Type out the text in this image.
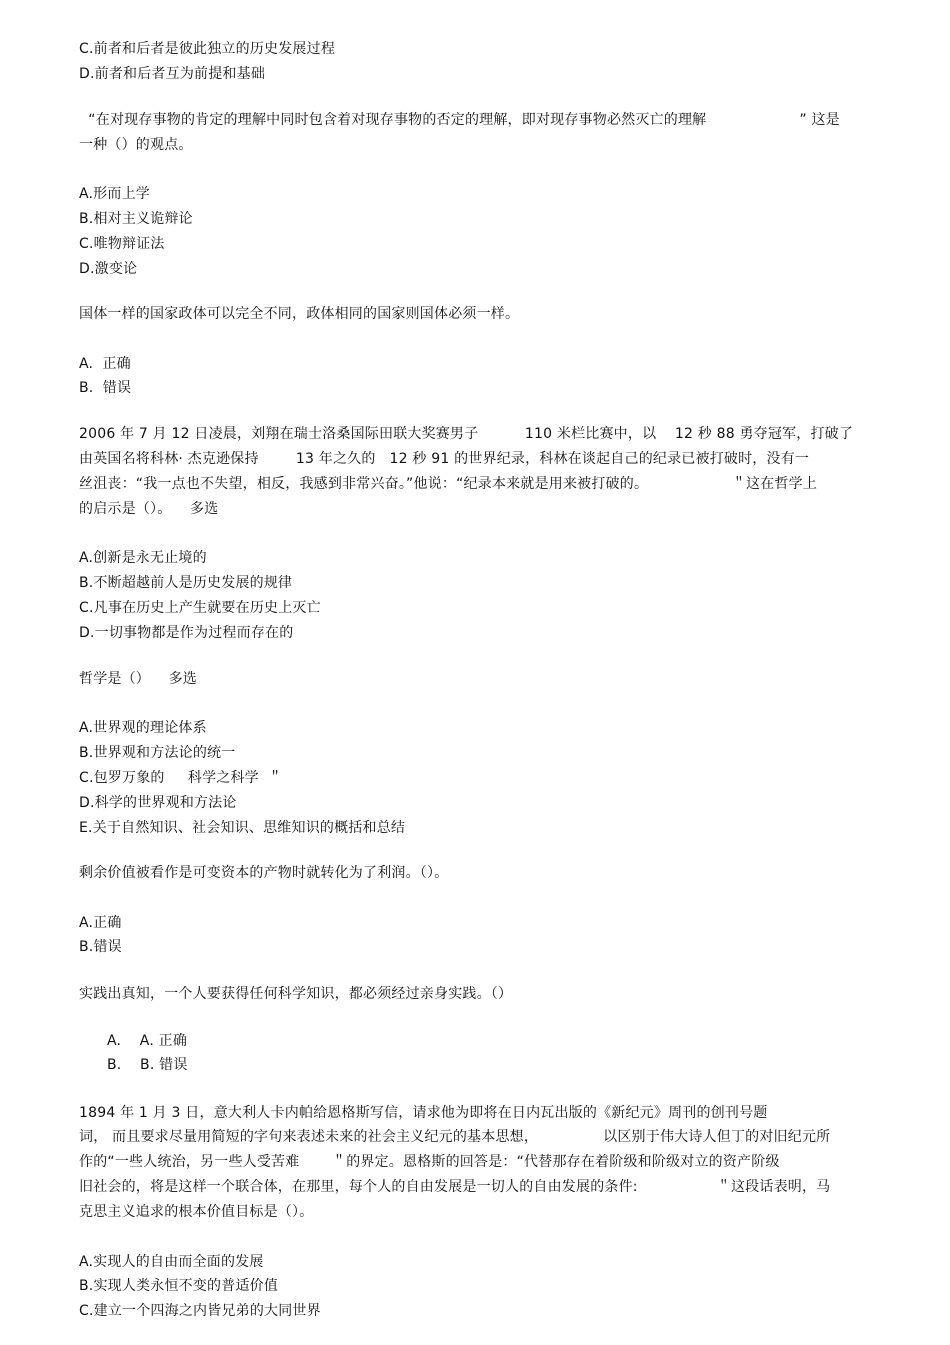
C.前者和后者是彼此独立的历史发展过程
D.前者和后者互为前提和基础
“在对现存事物的肯定的理解中同时包含着对现存事物的否定的理解，即对现存事物必然灭亡的理解                    ” 这是
一种（）的观点。
A.形而上学
B.相对主义诡辩论
C.唯物辩证法
D.激变论
国体一样的国家政体可以完全不同，政体相同的国家则国体必须一样。
A.  正确
B.  错误
2006 年 7 月 12 日凌晨，刘翔在瑞士洛桑国际田联大奖赛男子          110 米栏比赛中，以    12 秒 88 勇夺冠军，打破了
由英国名将科林· 杰克逊保持        13 年之久的   12 秒 91 的世界纪录，科林在谈起自己的纪录已被打破时，没有一
丝沮丧：“我一点也不失望，相反，我感到非常兴奋。”他说：“纪录本来就是用来被打破的。                  ＂这在哲学上
的启示是（）。    多选
A.创新是永无止境的
B.不断超越前人是历史发展的规律
C.凡事在历史上产生就要在历史上灭亡
D.一切事物都是作为过程而存在的
哲学是（）    多选
A.世界观的理论体系
B.世界观和方法论的统一
C.包罗万象的     科学之科学  ＂
D.科学的世界观和方法论
E.关于自然知识、社会知识、思维知识的概括和总结
剩余价值被看作是可变资本的产物时就转化为了利润。（）。
A.正确
B.错误
实践出真知，一个人要获得任何科学知识，都必须经过亲身实践。（）
A.    A. 正确
B.    B. 错误
1894 年 1 月 3 日，意大利人卡内帕给恩格斯写信，请求他为即将在日内瓦出版的《新纪元》周刊的创刊号题
词， 而且要求尽量用简短的字句来表述未来的社会主义纪元的基本思想，              以区别于伟大诗人但丁的对旧纪元所
作的“一些人统治，另一些人受苦难       ＂的界定。恩格斯的回答是：“代替那存在着阶级和阶级对立的资产阶级
旧社会的，将是这样一个联合体，在那里，每个人的自由发展是一切人的自由发展的条件:                 ＂这段话表明，马
克思主义追求的根本价值目标是（）。
A.实现人的自由而全面的发展
B.实现人类永恒不变的普适价值
C.建立一个四海之内皆兄弟的大同世界
